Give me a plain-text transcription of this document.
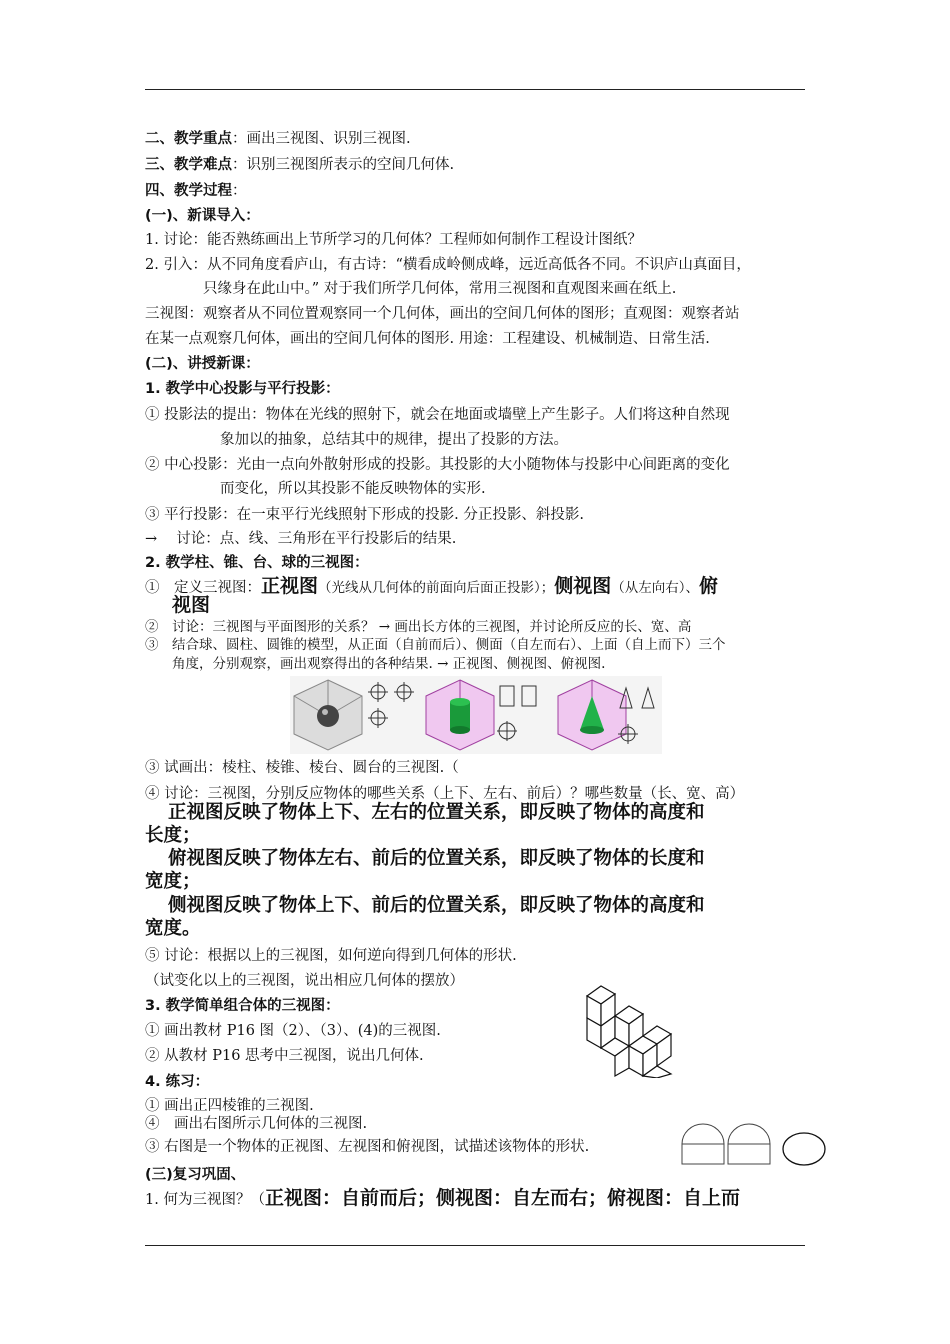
二、教学重点：画出三视图、识别三视图.
三、教学难点：识别三视图所表示的空间几何体.
四、教学过程：
(一)、新课导入：
1. 讨论：能否熟练画出上节所学习的几何体？工程师如何制作工程设计图纸？
2. 引入：从不同角度看庐山，有古诗：“横看成岭侧成峰，远近高低各不同。不识庐山真面目，
只缘身在此山中。” 对于我们所学几何体，常用三视图和直观图来画在纸上.
三视图：观察者从不同位置观察同一个几何体，画出的空间几何体的图形；直观图：观察者站
在某一点观察几何体，画出的空间几何体的图形. 用途：工程建设、机械制造、日常生活.
(二)、讲授新课：
1. 教学中心投影与平行投影：
① 投影法的提出：物体在光线的照射下，就会在地面或墙壁上产生影子。人们将这种自然现
象加以的抽象，总结其中的规律，提出了投影的方法。
② 中心投影：光由一点向外散射形成的投影。其投影的大小随物体与投影中心间距离的变化
而变化，所以其投影不能反映物体的实形.
③ 平行投影：在一束平行光线照射下形成的投影. 分正投影、斜投影.
→ 　讨论：点、线、三角形在平行投影后的结果.
2. 教学柱、锥、台、球的三视图：
①　定义三视图：正视图（光线从几何体的前面向后面正投影）；侧视图（从左向右）、俯
视图
②　讨论：三视图与平面图形的关系？ → 画出长方体的三视图，并讨论所反应的长、宽、高
③　结合球、圆柱、圆锥的模型，从正面（自前而后）、侧面（自左而右）、上面（自上而下）三个
角度，分别观察，画出观察得出的各种结果. → 正视图、侧视图、俯视图.
③ 试画出：棱柱、棱锥、棱台、圆台的三视图.（
④ 讨论：三视图，分别反应物体的哪些关系（上下、左右、前后）？哪些数量（长、宽、高）
正视图反映了物体上下、左右的位置关系，即反映了物体的高度和
长度；
俯视图反映了物体左右、前后的位置关系，即反映了物体的长度和
宽度；
侧视图反映了物体上下、前后的位置关系，即反映了物体的高度和
宽度。
⑤ 讨论：根据以上的三视图，如何逆向得到几何体的形状.
（试变化以上的三视图，说出相应几何体的摆放）
3. 教学简单组合体的三视图：
① 画出教材 P16 图（2）、（3）、(4)的三视图.
② 从教材 P16 思考中三视图，说出几何体.
4. 练习：
① 画出正四棱锥的三视图.
④　画出右图所示几何体的三视图.
③ 右图是一个物体的正视图、左视图和俯视图，试描述该物体的形状.
(三)复习巩固、
1. 何为三视图？（正视图：自前而后；侧视图：自左而右；俯视图：自上而
